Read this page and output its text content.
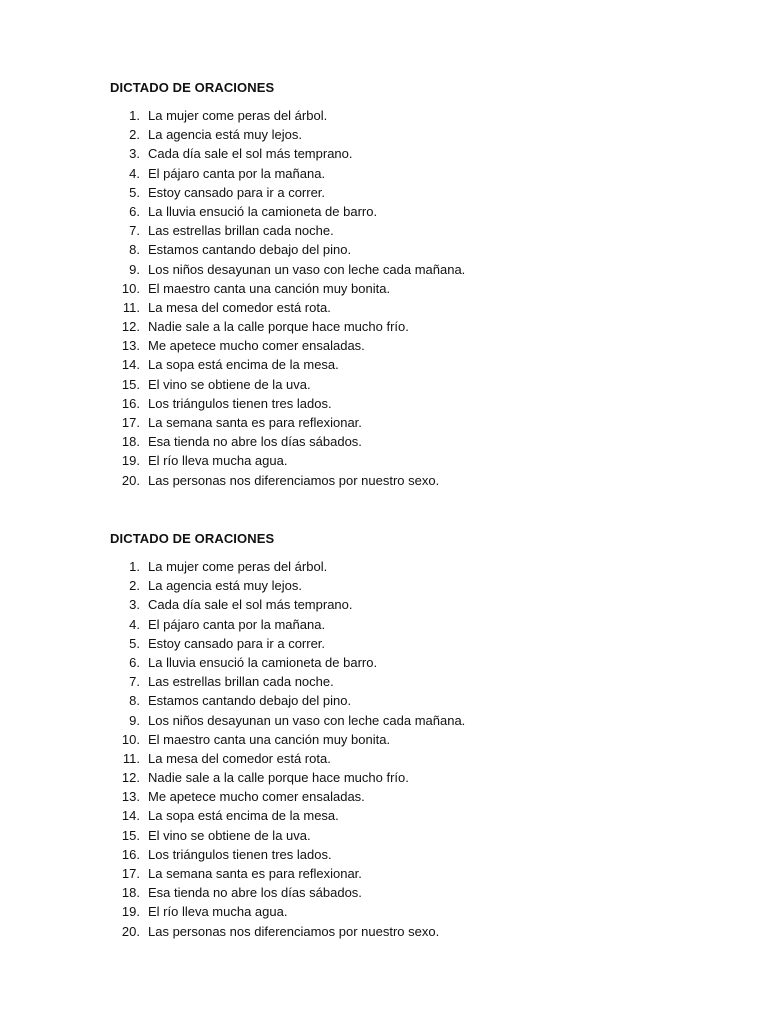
DICTADO DE ORACIONES
1. La mujer come peras del árbol.
2. La agencia está muy lejos.
3. Cada día sale el sol más temprano.
4. El pájaro canta por la mañana.
5. Estoy cansado para ir a correr.
6. La lluvia ensució la camioneta de barro.
7. Las estrellas brillan cada noche.
8. Estamos cantando debajo del pino.
9. Los niños desayunan un vaso con leche cada mañana.
10. El maestro canta una canción muy bonita.
11. La mesa del comedor está rota.
12. Nadie sale a la calle porque hace mucho frío.
13. Me apetece mucho comer ensaladas.
14. La sopa está encima de la mesa.
15. El vino se obtiene de la uva.
16. Los triángulos tienen tres lados.
17. La semana santa es para reflexionar.
18. Esa tienda no abre los días sábados.
19. El río lleva mucha agua.
20. Las personas nos diferenciamos por nuestro sexo.
DICTADO DE ORACIONES
1. La mujer come peras del árbol.
2. La agencia está muy lejos.
3. Cada día sale el sol más temprano.
4. El pájaro canta por la mañana.
5. Estoy cansado para ir a correr.
6. La lluvia ensució la camioneta de barro.
7. Las estrellas brillan cada noche.
8. Estamos cantando debajo del pino.
9. Los niños desayunan un vaso con leche cada mañana.
10. El maestro canta una canción muy bonita.
11. La mesa del comedor está rota.
12. Nadie sale a la calle porque hace mucho frío.
13. Me apetece mucho comer ensaladas.
14. La sopa está encima de la mesa.
15. El vino se obtiene de la uva.
16. Los triángulos tienen tres lados.
17. La semana santa es para reflexionar.
18. Esa tienda no abre los días sábados.
19. El río lleva mucha agua.
20. Las personas nos diferenciamos por nuestro sexo.
